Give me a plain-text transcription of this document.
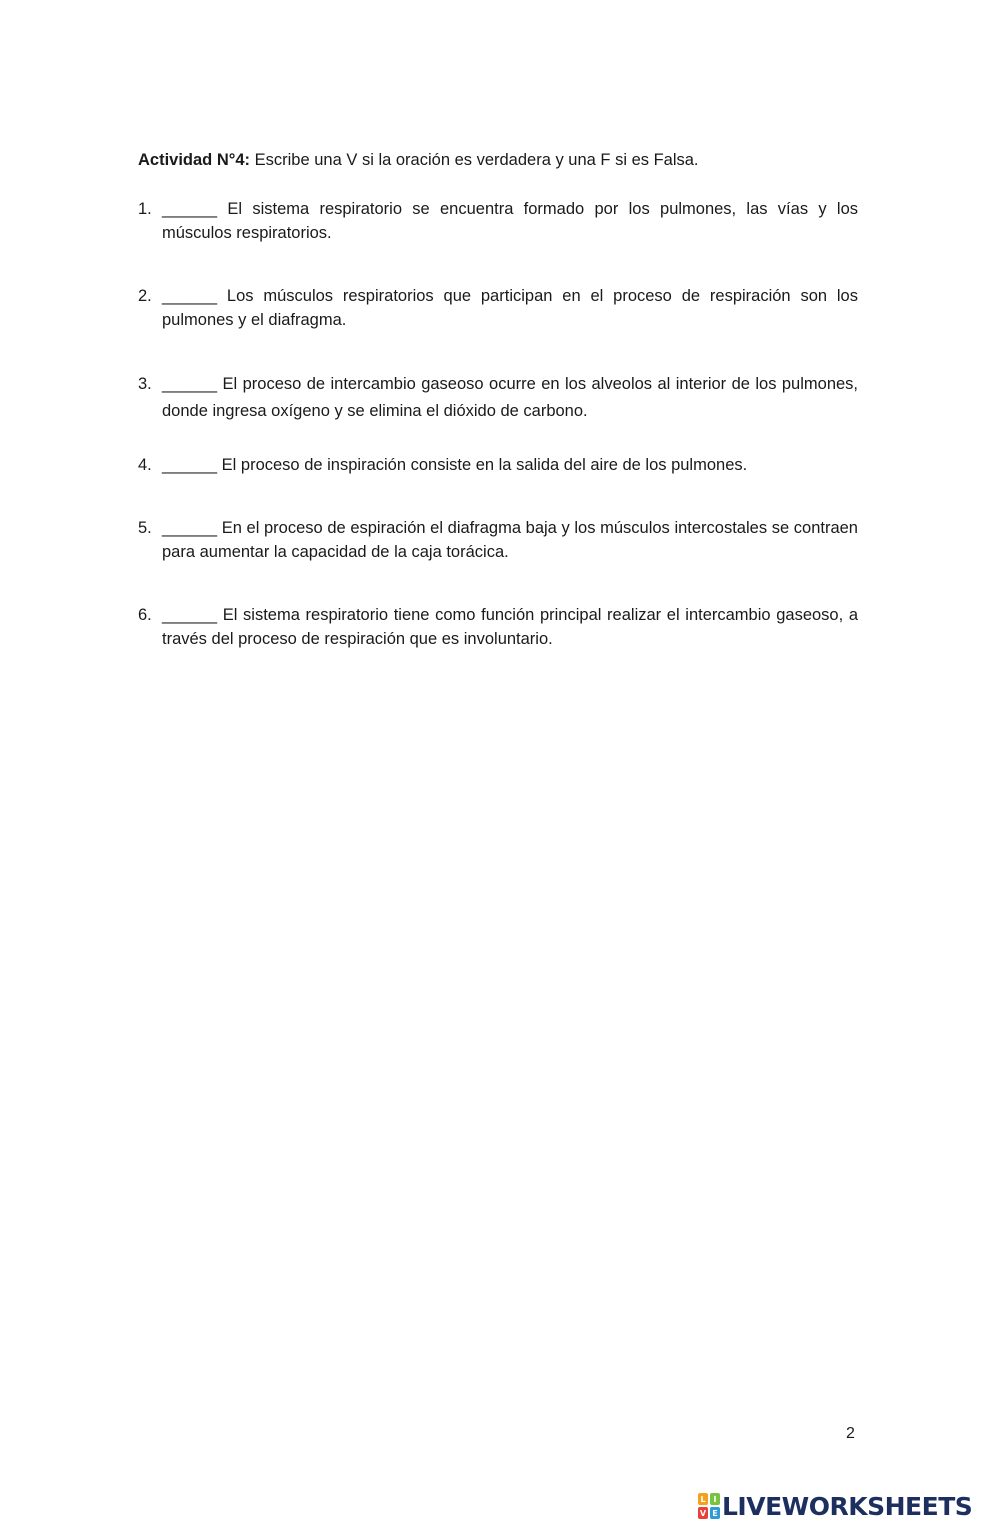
Actividad N°4: Escribe una V si la oración es verdadera y una F si es Falsa.
1. ______ El sistema respiratorio se encuentra formado por los pulmones, las vías y los músculos respiratorios.
2. ______ Los músculos respiratorios que participan en el proceso de respiración son los pulmones y el diafragma.
3. ______ El proceso de intercambio gaseoso ocurre en los alveolos al interior de los pulmones, donde ingresa oxígeno y se elimina el dióxido de carbono.
4. ______ El proceso de inspiración consiste en la salida del aire de los pulmones.
5. ______ En el proceso de espiración el diafragma baja y los músculos intercostales se contraen para aumentar la capacidad de la caja torácica.
6. ______ El sistema respiratorio tiene como función principal realizar el intercambio gaseoso, a través del proceso de respiración que es involuntario.
2
L I
V E LIVEWORKSHEETS
